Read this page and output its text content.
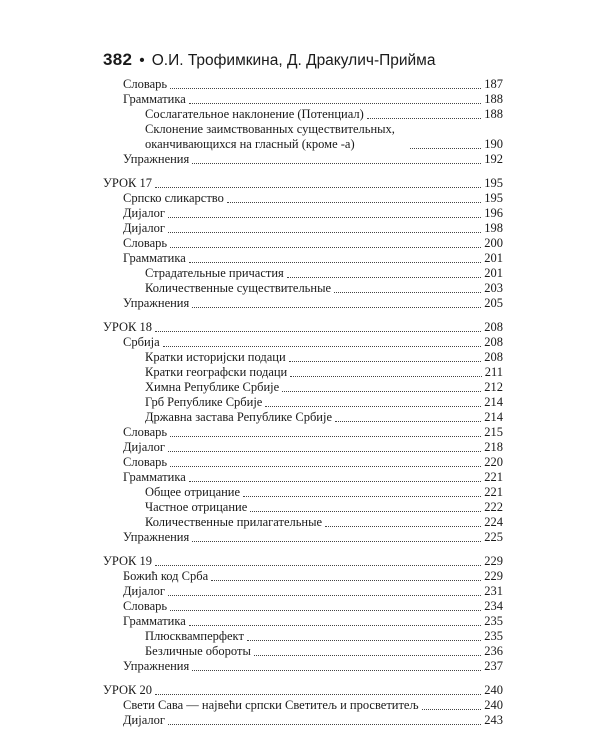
382 • О.И. Трофимкина, Д. Дракулич-Прийма
Словарь	187
Грамматика	188
Сослагательное наклонение (Потенциал)	188
Склонение заимствованных существительных, оканчивающихся на гласный (кроме -а)	190
Упражнения	192
УРОК 17	195
Српско сликарство	195
Дијалог	196
Дијалог	198
Словарь	200
Грамматика	201
Страдательные причастия	201
Количественные существительные	203
Упражнения	205
УРОК 18	208
Србија	208
Кратки историјски подаци	208
Кратки географски подаци	211
Химна Републике Србије	212
Грб Републике Србије	214
Државна застава Републике Србије	214
Словарь	215
Дијалог	218
Словарь	220
Грамматика	221
Общее отрицание	221
Частное отрицание	222
Количественные прилагательные	224
Упражнения	225
УРОК 19	229
Божић код Срба	229
Дијалог	231
Словарь	234
Грамматика	235
Плюсквамперфект	235
Безличные обороты	236
Упражнения	237
УРОК 20	240
Свети Сава — највећи српски Светитељ и просветитељ	240
Дијалог	243
